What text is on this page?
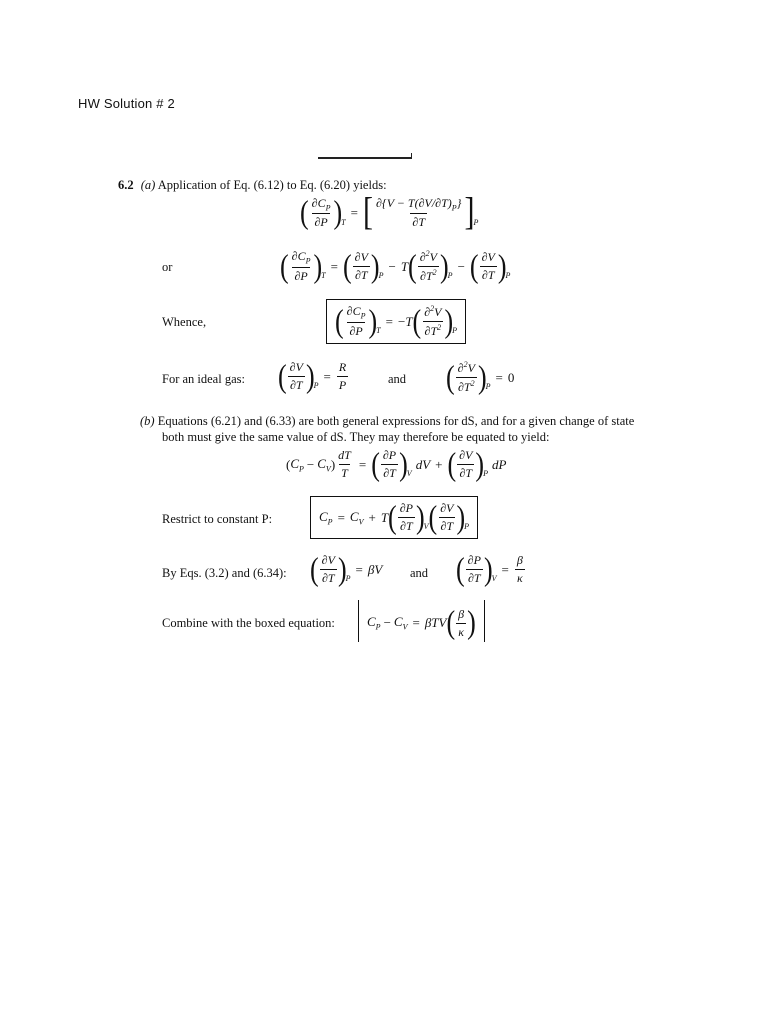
HW Solution # 2
6.2 (a) Application of Eq. (6.12) to Eq. (6.20) yields:
( $\frac{\partial C_P}{\partial P}$ ) T
= [ $\frac{\partial\{V - T(\partial V/\partial T)_P\}}{\partial T}$ ] P
or	( $\frac{\partial C_P}{\partial P}$ ) T
= ( $\frac{\partial V}{\partial T}$ ) P
− T ( $\frac{\partial^2V}{\partial T^2}$ ) P
− ( $\frac{\partial V}{\partial T}$ ) P
Whence,	( $\frac{\partial C_P}{\partial P}$ ) T
= − T ( $\frac{\partial^2V}{\partial T^2}$ ) P
For an ideal gas: ( $\frac{\partial V}{\partial T}$ ) P
= $\frac{R}{P}$	and ( $\frac{\partial^2V}{\partial T^2}$ ) P
= 0
(b) Equations (6.21) and (6.33) are both general expressions for dS, and for a given change of state
both must give the same value of dS. They may therefore be equated to yield:
( $C_P - C_V$ ) $\frac{dT}{T}$ = ( $\frac{\partial P}{\partial T}$ ) V
dV + ( $\frac{\partial V}{\partial T}$ ) P
dP
Restrict to constant P:	$C_P = C_V + T$ ( $\frac{\partial P}{\partial T}$ ) V ( $\frac{\partial V}{\partial T}$ ) P
By Eqs. (3.2) and (6.34): ( $\frac{\partial V}{\partial T}$ ) P
= βV and ( $\frac{\partial P}{\partial T}$ ) V
= $\frac{\beta}{\kappa}$
Combine with the boxed equation: $C_P - C_V = \beta TV$ ( $\frac{\beta}{\kappa}$ )
